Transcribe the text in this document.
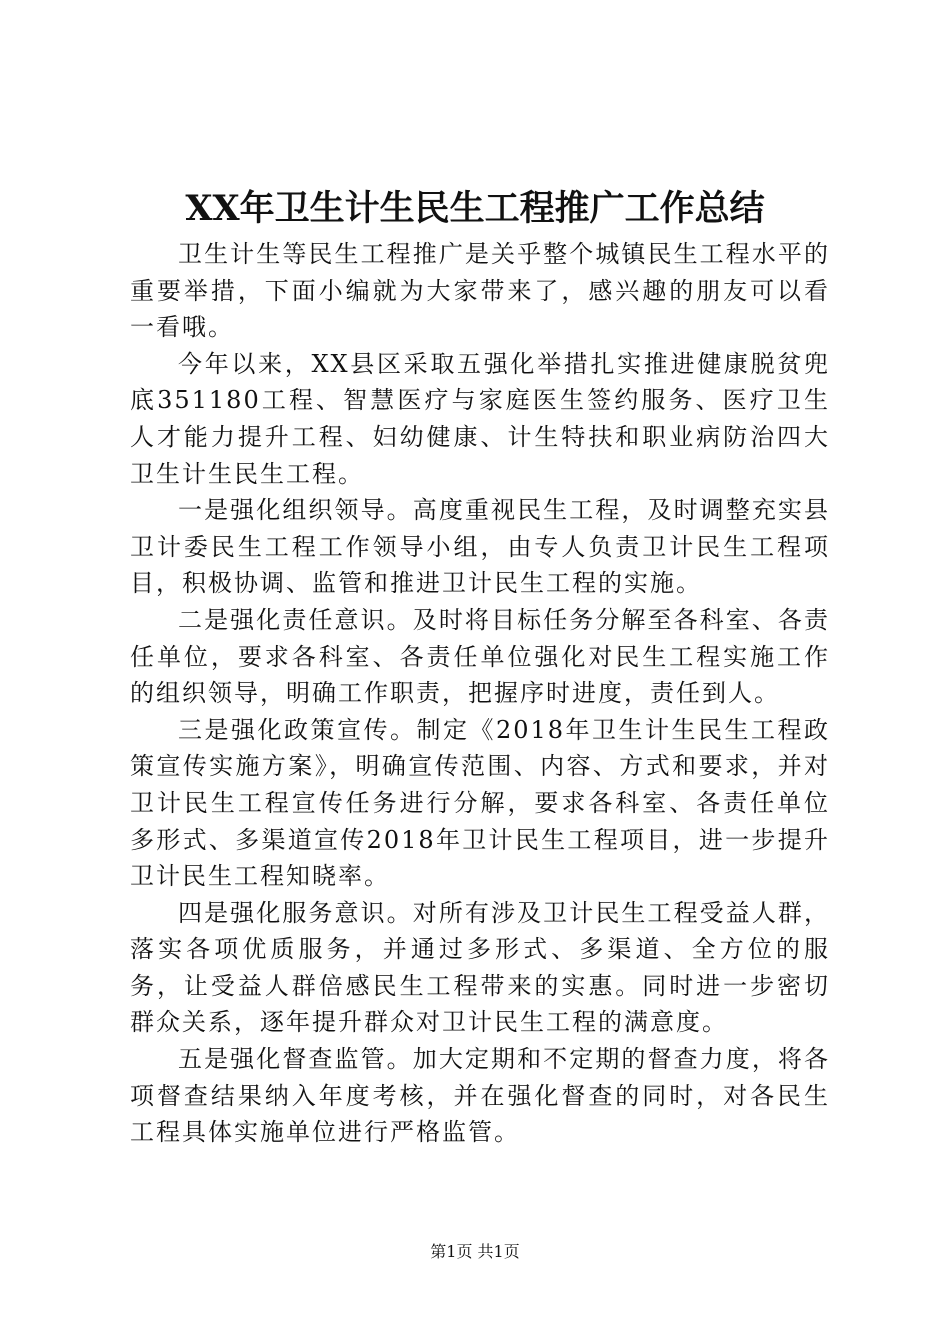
XX年卫生计生民生工程推广工作总结

卫生计生等民生工程推广是关乎整个城镇民生工程水平的重要举措，下面小编就为大家带来了，感兴趣的朋友可以看一看哦。

今年以来，XX县区采取五强化举措扎实推进健康脱贫兜底351180工程、智慧医疗与家庭医生签约服务、医疗卫生人才能力提升工程、妇幼健康、计生特扶和职业病防治四大卫生计生民生工程。

一是强化组织领导。高度重视民生工程，及时调整充实县卫计委民生工程工作领导小组，由专人负责卫计民生工程项目，积极协调、监管和推进卫计民生工程的实施。

二是强化责任意识。及时将目标任务分解至各科室、各责任单位，要求各科室、各责任单位强化对民生工程实施工作的组织领导，明确工作职责，把握序时进度，责任到人。

三是强化政策宣传。制定《2018年卫生计生民生工程政策宣传实施方案》，明确宣传范围、内容、方式和要求，并对卫计民生工程宣传任务进行分解，要求各科室、各责任单位多形式、多渠道宣传2018年卫计民生工程项目，进一步提升卫计民生工程知晓率。

四是强化服务意识。对所有涉及卫计民生工程受益人群，落实各项优质服务，并通过多形式、多渠道、全方位的服务，让受益人群倍感民生工程带来的实惠。同时进一步密切群众关系，逐年提升群众对卫计民生工程的满意度。

五是强化督查监管。加大定期和不定期的督查力度，将各项督查结果纳入年度考核，并在强化督查的同时，对各民生工程具体实施单位进行严格监管。

第1页 共1页
